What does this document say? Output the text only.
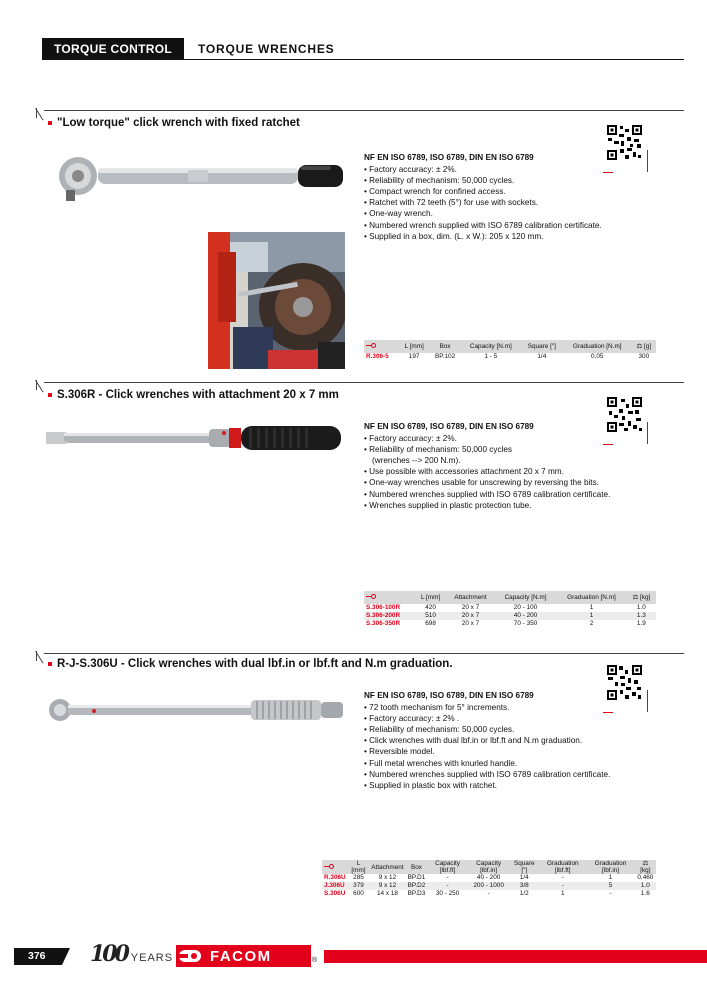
TORQUE CONTROL	TORQUE WRENCHES
"Low torque" click wrench with fixed ratchet
NF EN ISO 6789, ISO 6789, DIN EN ISO 6789
• Factory accuracy: ± 2%.
• Reliability of mechanism: 50,000 cycles.
• Compact wrench for confined access.
• Ratchet with 72 teeth (5°) for use with sockets.
• One-way wrench.
• Numbered wrench supplied with ISO 6789 calibration certificate.
• Supplied in a box, dim. (L. x W.): 205 x 120 mm.
	L [mm]	Box	Capacity [N.m]	Square ["]	Graduation [N.m]	⚖ [g]
R.306-5	197	BP.102	1 - 5	1/4	0,05	300
S.306R - Click wrenches with attachment 20 x 7 mm
NF EN ISO 6789, ISO 6789, DIN EN ISO 6789
• Factory accuracy: ± 2%.
• Reliability of mechanism: 50,000 cycles
(wrenches --> 200 N.m).
• Use possible with accessories attachment 20 x 7 mm.
• One-way wrenches usable for unscrewing by reversing the bits.
• Numbered wrenches supplied with ISO 6789 calibration certificate.
• Wrenches supplied in plastic protection tube.
	L [mm]	Attachment	Capacity [N.m]	Graduation [N.m]	⚖ [kg]
S.306-100R	420	20 x 7	20 - 100	1	1.0
S.306-200R	510	20 x 7	40 - 200	1	1.3
S.306-350R	698	20 x 7	70 - 350	2	1.9
R-J-S.306U - Click wrenches with dual lbf.in or lbf.ft and N.m graduation.
NF EN ISO 6789, ISO 6789, DIN EN ISO 6789
• 72 tooth mechanism for 5° increments.
• Factory accuracy: ± 2% .
• Reliability of mechanism: 50,000 cycles.
• Click wrenches with dual lbf.in or lbf.ft and N.m graduation.
• Reversible model.
• Full metal wrenches with knurled handle.
• Numbered wrenches supplied with ISO 6789 calibration certificate.
• Supplied in plastic box with ratchet.
	L [mm]	Attachment	Box	Capacity [lbf.ft]	Capacity [lbf.in]	Square ["]	Graduation [lbf.ft]	Graduation [lbf.in]	⚖ [kg]
R.306U	285	9 x 12	BP.D1	-	40 - 200	1/4	-	1	0.460
J.306U	379	9 x 12	BP.D2	-	200 - 1000	3/8	-	5	1.0
S.306U	600	14 x 18	BP.D3	30 - 250	-	1/2	1	-	1.6
376	100 YEARS FACOM	®
